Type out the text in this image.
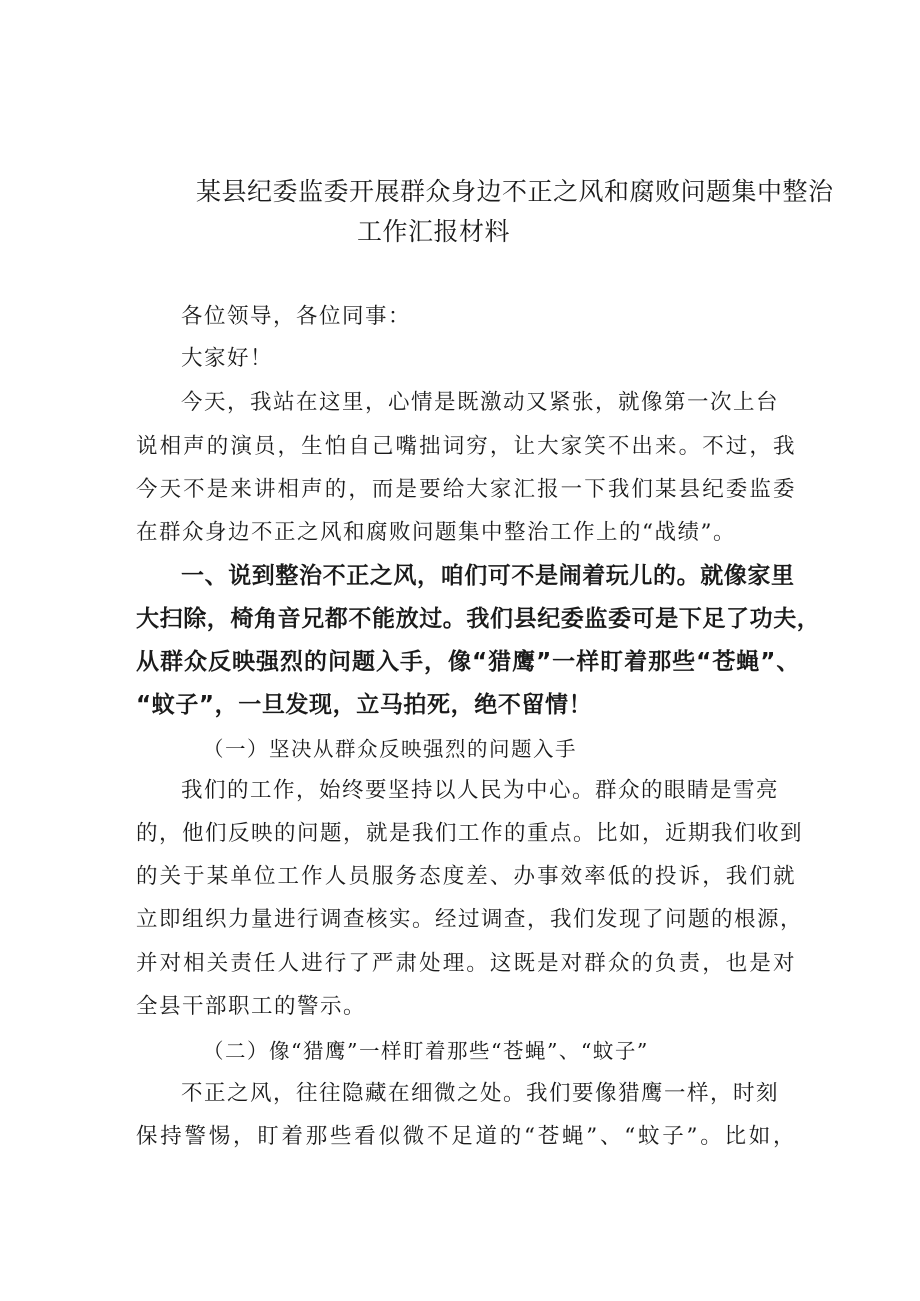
某县纪委监委开展群众身边不正之风和腐败问题集中整治
工作汇报材料
各位领导，各位同事：
大家好！
今天，我站在这里，心情是既激动又紧张，就像第一次上台
说相声的演员，生怕自己嘴拙词穷，让大家笑不出来。不过，我
今天不是来讲相声的，而是要给大家汇报一下我们某县纪委监委
在群众身边不正之风和腐败问题集中整治工作上的“战绩”。
一、说到整治不正之风，咱们可不是闹着玩儿的。就像家里
大扫除，椅角音兄都不能放过。我们县纪委监委可是下足了功夫，
从群众反映强烈的问题入手，像“猎鹰”一样盯着那些“苍蝇”、
“蚊子”，一旦发现，立马拍死，绝不留情！
（一）坚决从群众反映强烈的问题入手
我们的工作，始终要坚持以人民为中心。群众的眼睛是雪亮
的，他们反映的问题，就是我们工作的重点。比如，近期我们收到
的关于某单位工作人员服务态度差、办事效率低的投诉，我们就
立即组织力量进行调查核实。经过调查，我们发现了问题的根源，
并对相关责任人进行了严肃处理。这既是对群众的负责，也是对
全县干部职工的警示。
（二）像“猎鹰”一样盯着那些“苍蝇”、“蚊子”
不正之风，往往隐藏在细微之处。我们要像猎鹰一样，时刻
保持警惕，盯着那些看似微不足道的“苍蝇”、“蚊子”。比如，
